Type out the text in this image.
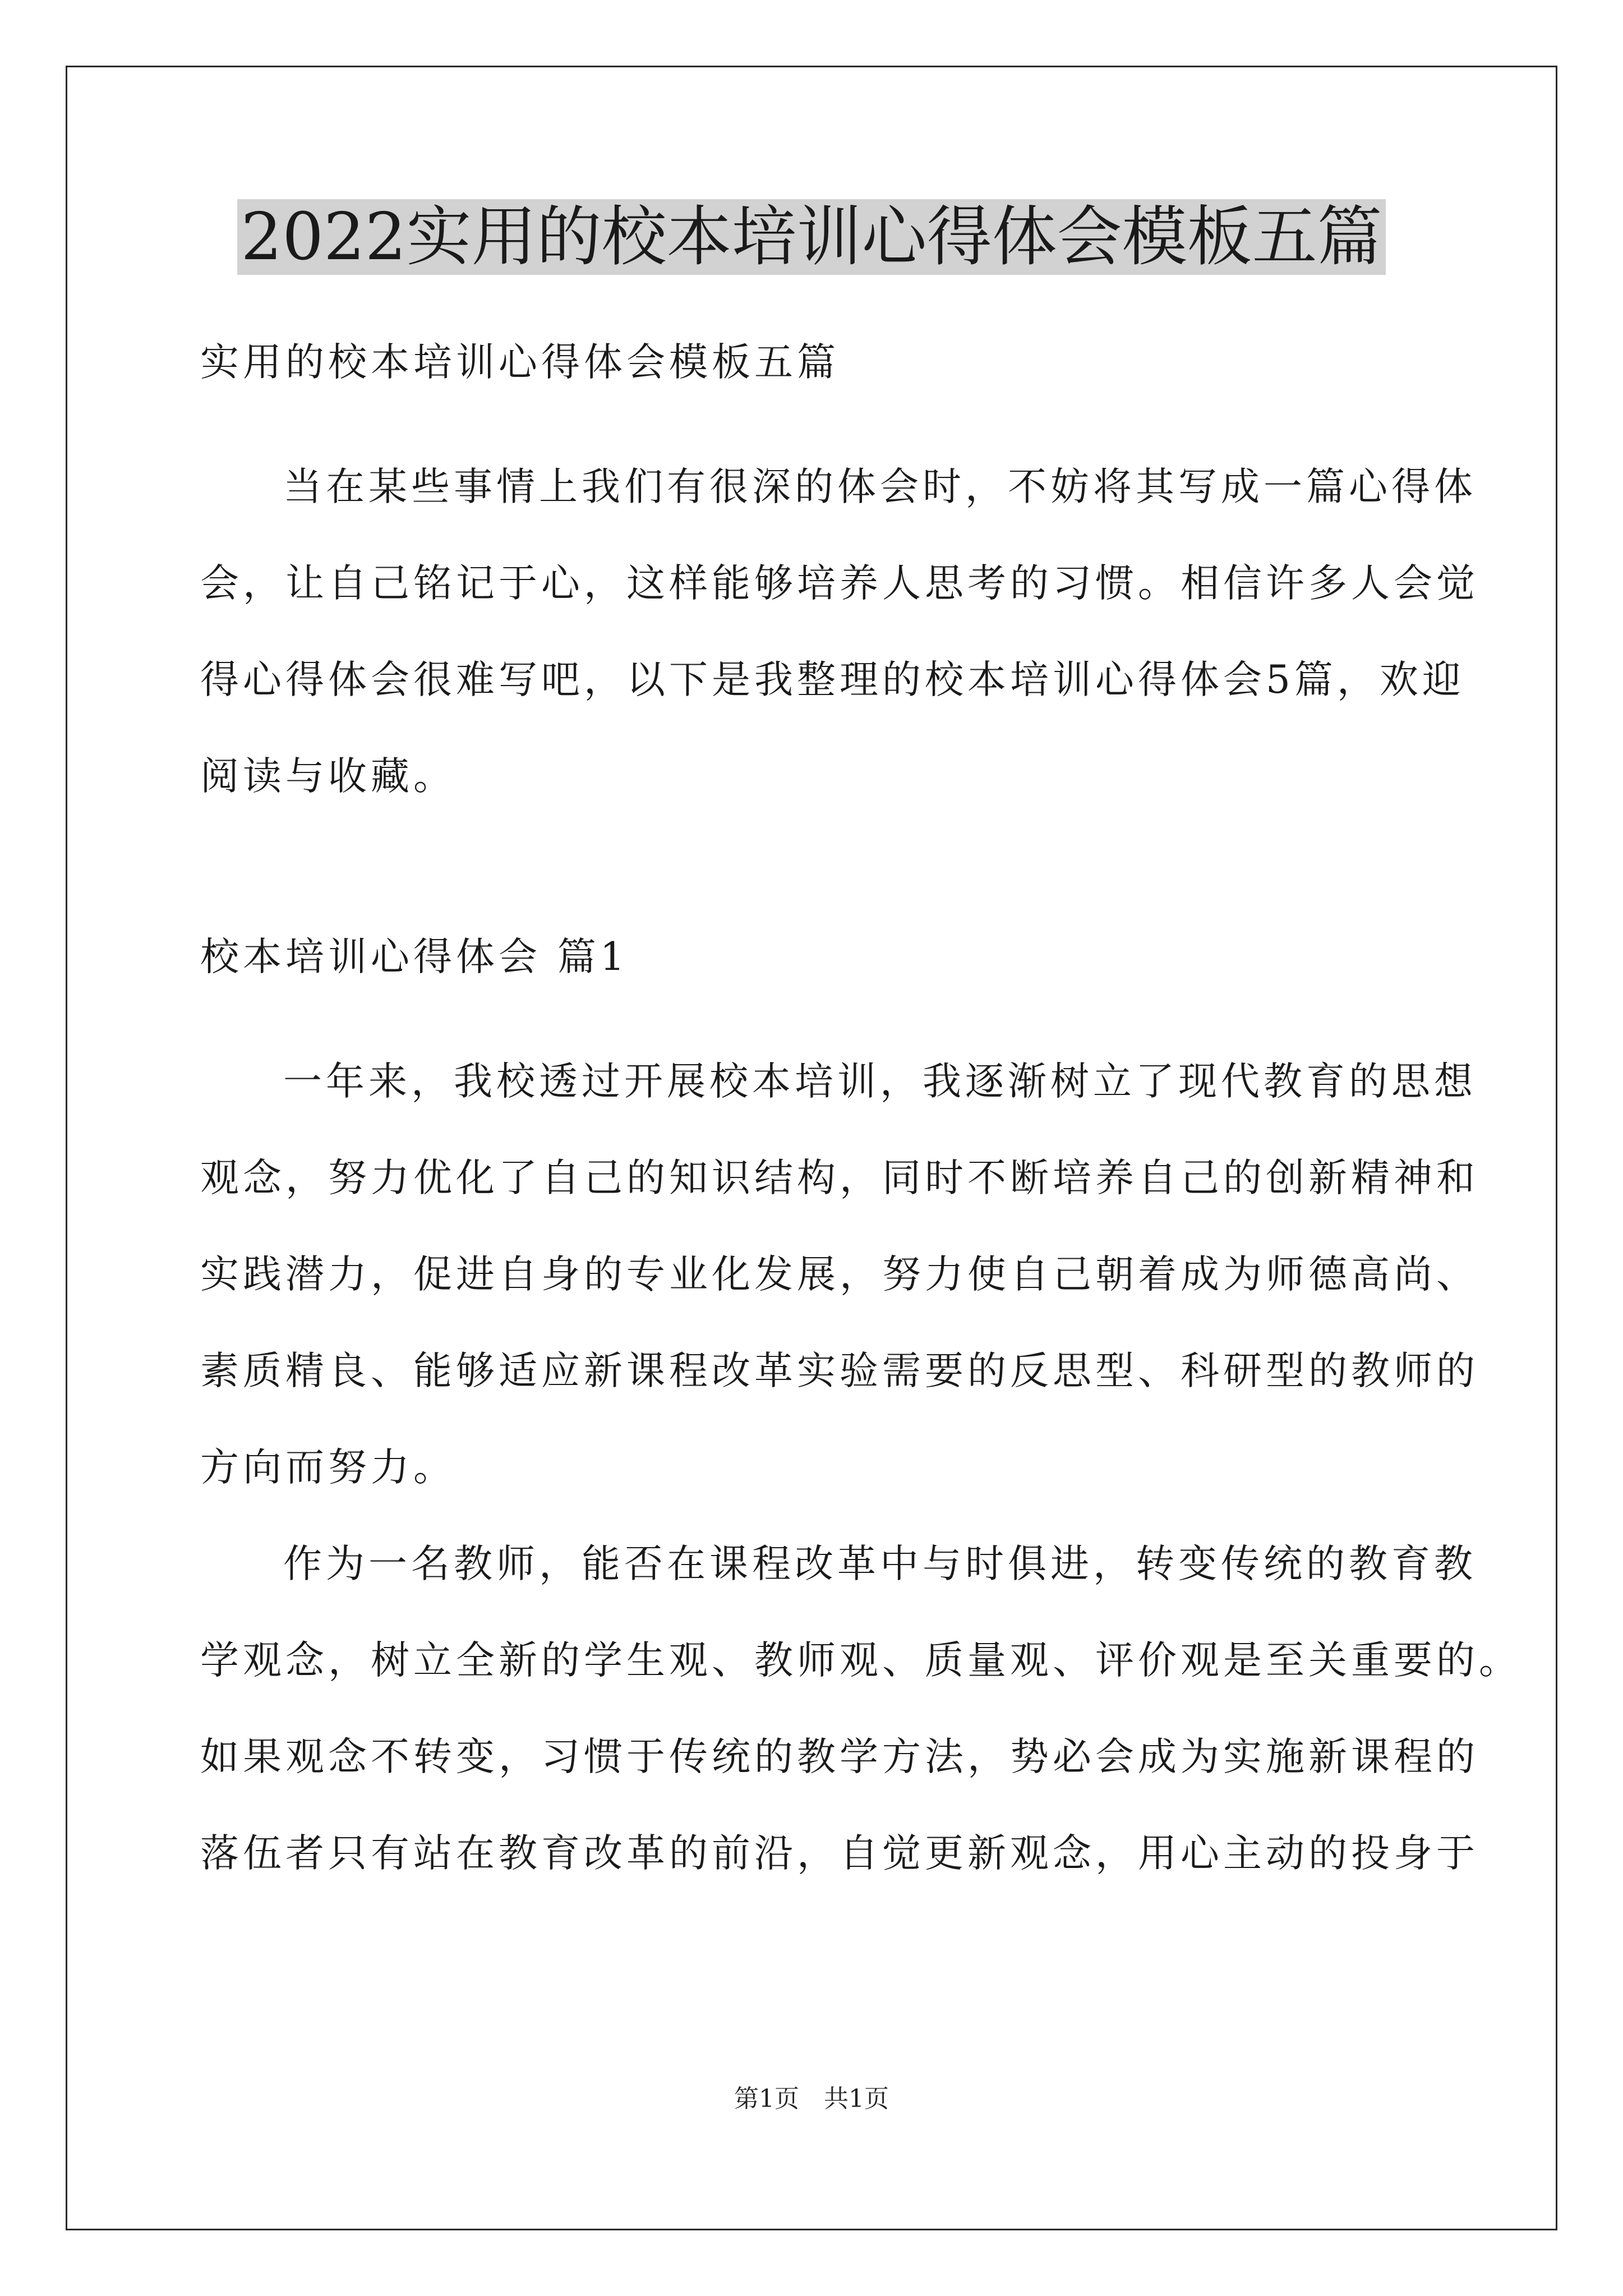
2022实用的校本培训心得体会模板五篇
实用的校本培训心得体会模板五篇
当在某些事情上我们有很深的体会时，不妨将其写成一篇心得体
会，让自己铭记于心，这样能够培养人思考的习惯。相信许多人会觉
得心得体会很难写吧，以下是我整理的校本培训心得体会5篇，欢迎
阅读与收藏。
校本培训心得体会 篇1
一年来，我校透过开展校本培训，我逐渐树立了现代教育的思想
观念，努力优化了自己的知识结构，同时不断培养自己的创新精神和
实践潜力，促进自身的专业化发展，努力使自己朝着成为师德高尚、
素质精良、能够适应新课程改革实验需要的反思型、科研型的教师的
方向而努力。
作为一名教师，能否在课程改革中与时俱进，转变传统的教育教
学观念，树立全新的学生观、教师观、质量观、评价观是至关重要的。
如果观念不转变，习惯于传统的教学方法，势必会成为实施新课程的
落伍者只有站在教育改革的前沿，自觉更新观念，用心主动的投身于
第1页　共1页
